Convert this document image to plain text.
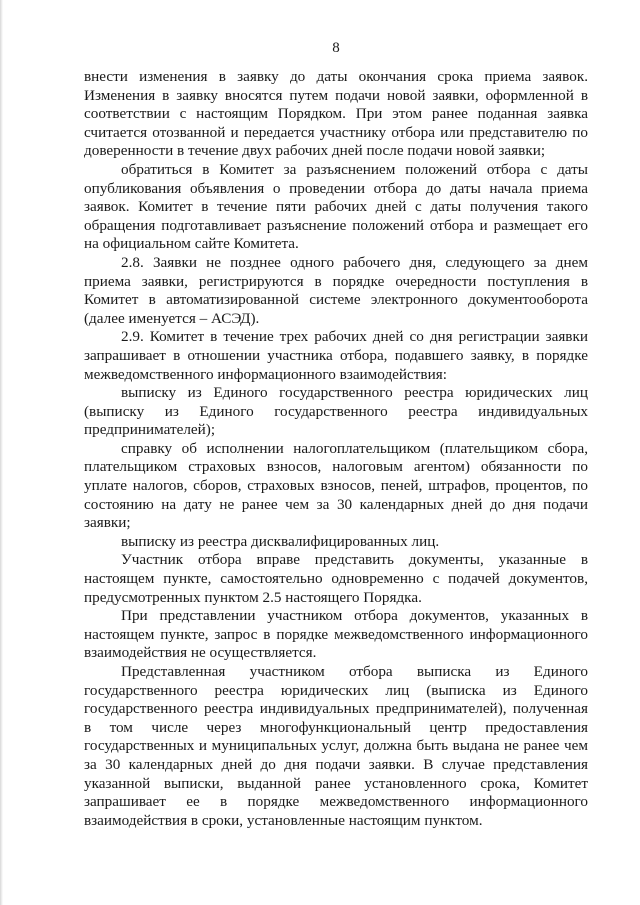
8

внести изменения в заявку до даты окончания срока приема заявок. Изменения в заявку вносятся путем подачи новой заявки, оформленной в соответствии с настоящим Порядком. При этом ранее поданная заявка считается отозванной и передается участнику отбора или представителю по доверенности в течение двух рабочих дней после подачи новой заявки;

обратиться в Комитет за разъяснением положений отбора с даты опубликования объявления о проведении отбора до даты начала приема заявок. Комитет в течение пяти рабочих дней с даты получения такого обращения подготавливает разъяснение положений отбора и размещает его на официальном сайте Комитета.

2.8. Заявки не позднее одного рабочего дня, следующего за днем приема заявки, регистрируются в порядке очередности поступления в Комитет в автоматизированной системе электронного документооборота (далее именуется – АСЭД).

2.9. Комитет в течение трех рабочих дней со дня регистрации заявки запрашивает в отношении участника отбора, подавшего заявку, в порядке межведомственного информационного взаимодействия:

выписку из Единого государственного реестра юридических лиц (выписку из Единого государственного реестра индивидуальных предпринимателей);

справку об исполнении налогоплательщиком (плательщиком сбора, плательщиком страховых взносов, налоговым агентом) обязанности по уплате налогов, сборов, страховых взносов, пеней, штрафов, процентов, по состоянию на дату не ранее чем за 30 календарных дней до дня подачи заявки;

выписку из реестра дисквалифицированных лиц.

Участник отбора вправе представить документы, указанные в настоящем пункте, самостоятельно одновременно с подачей документов, предусмотренных пунктом 2.5 настоящего Порядка.

При представлении участником отбора документов, указанных в настоящем пункте, запрос в порядке межведомственного информационного взаимодействия не осуществляется.

Представленная участником отбора выписка из Единого государственного реестра юридических лиц (выписка из Единого государственного реестра индивидуальных предпринимателей), полученная в том числе через многофункциональный центр предоставления государственных и муниципальных услуг, должна быть выдана не ранее чем за 30 календарных дней до дня подачи заявки. В случае представления указанной выписки, выданной ранее установленного срока, Комитет запрашивает ее в порядке межведомственного информационного взаимодействия в сроки, установленные настоящим пунктом.
